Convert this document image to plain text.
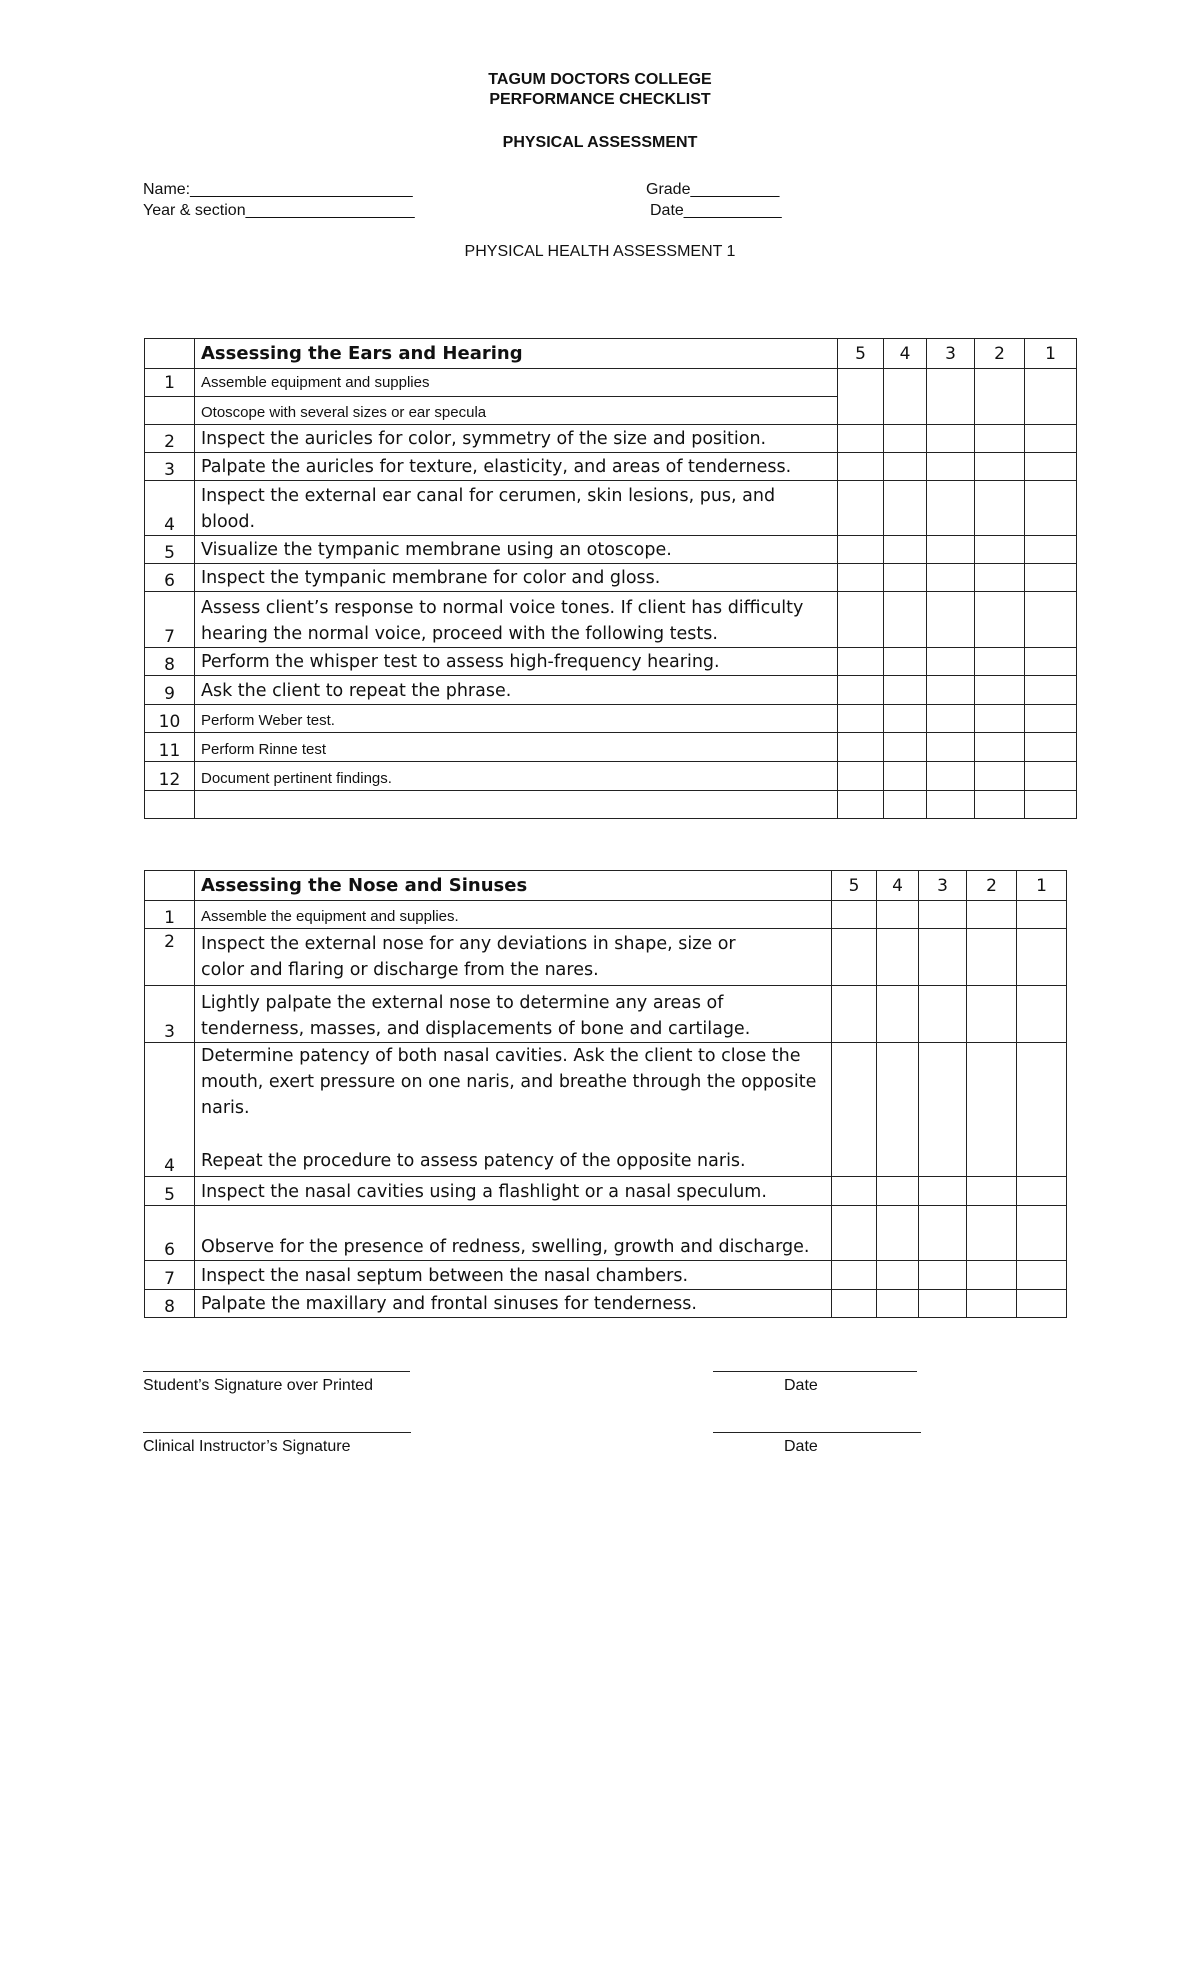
TAGUM DOCTORS COLLEGE
PERFORMANCE CHECKLIST
PHYSICAL ASSESSMENT
Name:_________________________
Year & section___________________
Grade__________
Date___________
PHYSICAL HEALTH ASSESSMENT 1
	Assessing the Ears and Hearing	5	4	3	2	1
1	Assemble equipment and supplies					
	Otoscope with several sizes or ear specula					
2	Inspect the auricles for color, symmetry of the size and position.					
3	Palpate the auricles for texture, elasticity, and areas of tenderness.					
4	Inspect the external ear canal for cerumen, skin lesions, pus, and blood.					
5	Visualize the tympanic membrane using an otoscope.					
6	Inspect the tympanic membrane for color and gloss.					
7	Assess client’s response to normal voice tones. If client has difficulty hearing the normal voice, proceed with the following tests.					
8	Perform the whisper test to assess high-frequency hearing.					
9	Ask the client to repeat the phrase.					
10	Perform Weber test.					
11	Perform Rinne test					
12	Document pertinent findings.					

	Assessing the Nose and Sinuses	5	4	3	2	1
1	Assemble the equipment and supplies.					
2	Inspect the external nose for any deviations in shape, size or color and flaring or discharge from the nares.					
3	Lightly palpate the external nose to determine any areas of tenderness, masses, and displacements of bone and cartilage.					
4	Determine patency of both nasal cavities. Ask the client to close the mouth, exert pressure on one naris, and breathe through the opposite naris.
Repeat the procedure to assess patency of the opposite naris.					

5	Inspect the nasal cavities using a flashlight or a nasal speculum.					
6	Observe for the presence of redness, swelling, growth and discharge.					
7	Inspect the nasal septum between the nasal chambers.					
8	Palpate the maxillary and frontal sinuses for tenderness.					
Student’s Signature over Printed	Date
Clinical Instructor’s Signature	Date
